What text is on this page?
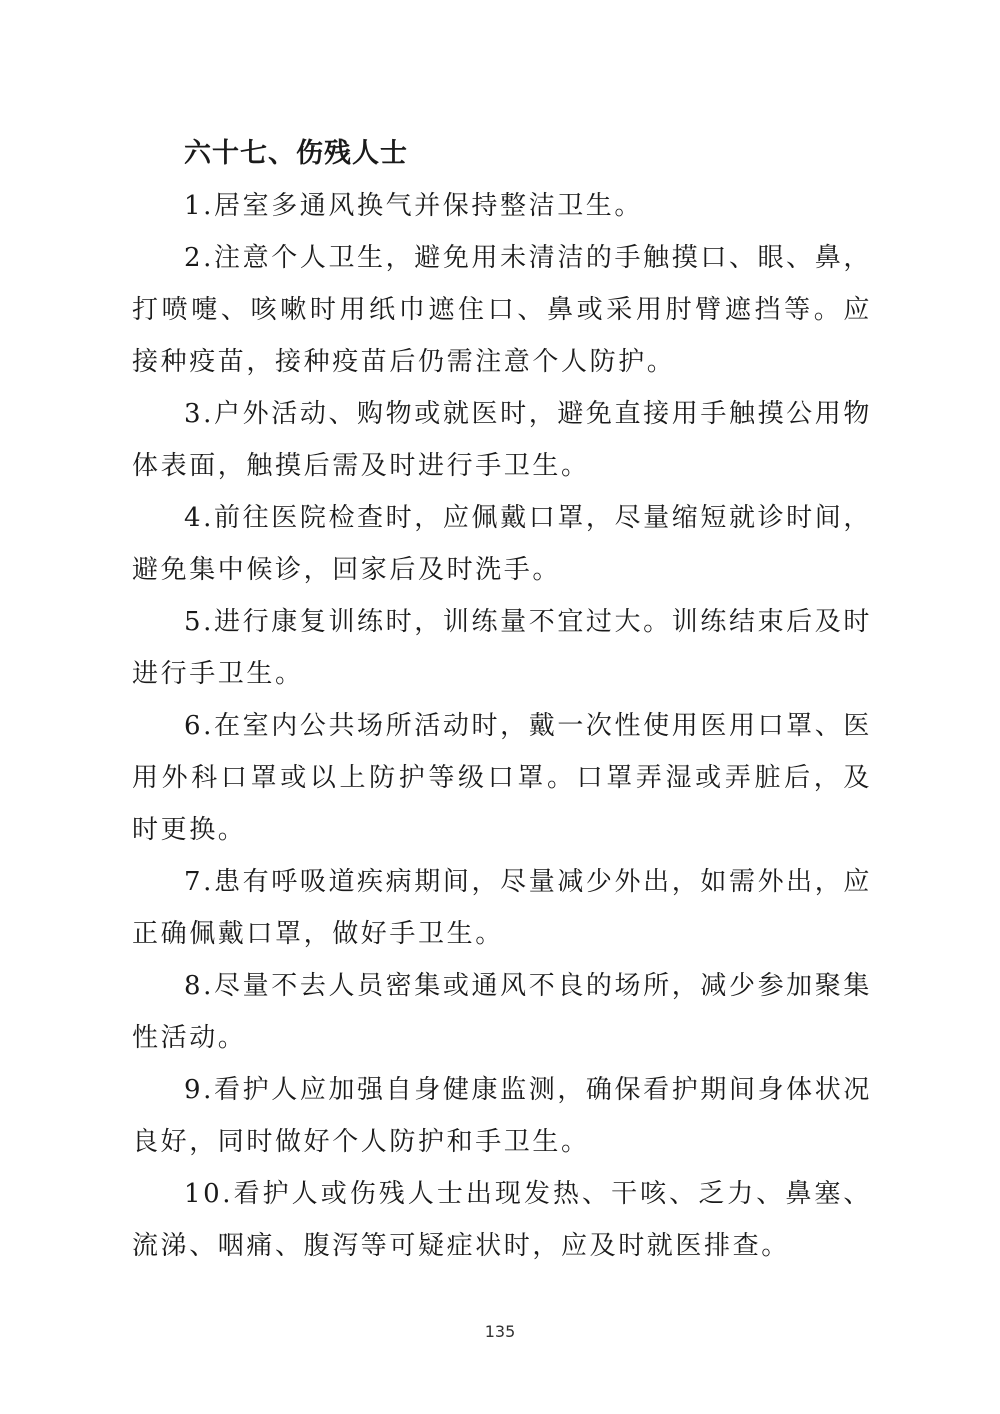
六十七、伤残人士

1.居室多通风换气并保持整洁卫生。

2.注意个人卫生，避免用未清洁的手触摸口、眼、鼻，打喷嚏、咳嗽时用纸巾遮住口、鼻或采用肘臂遮挡等。应接种疫苗，接种疫苗后仍需注意个人防护。

3.户外活动、购物或就医时，避免直接用手触摸公用物体表面，触摸后需及时进行手卫生。

4.前往医院检查时，应佩戴口罩，尽量缩短就诊时间，避免集中候诊，回家后及时洗手。

5.进行康复训练时，训练量不宜过大。训练结束后及时进行手卫生。

6.在室内公共场所活动时，戴一次性使用医用口罩、医用外科口罩或以上防护等级口罩。口罩弄湿或弄脏后，及时更换。

7.患有呼吸道疾病期间，尽量减少外出，如需外出，应正确佩戴口罩，做好手卫生。

8.尽量不去人员密集或通风不良的场所，减少参加聚集性活动。

9.看护人应加强自身健康监测，确保看护期间身体状况良好，同时做好个人防护和手卫生。

10.看护人或伤残人士出现发热、干咳、乏力、鼻塞、流涕、咽痛、腹泻等可疑症状时，应及时就医排查。

135
